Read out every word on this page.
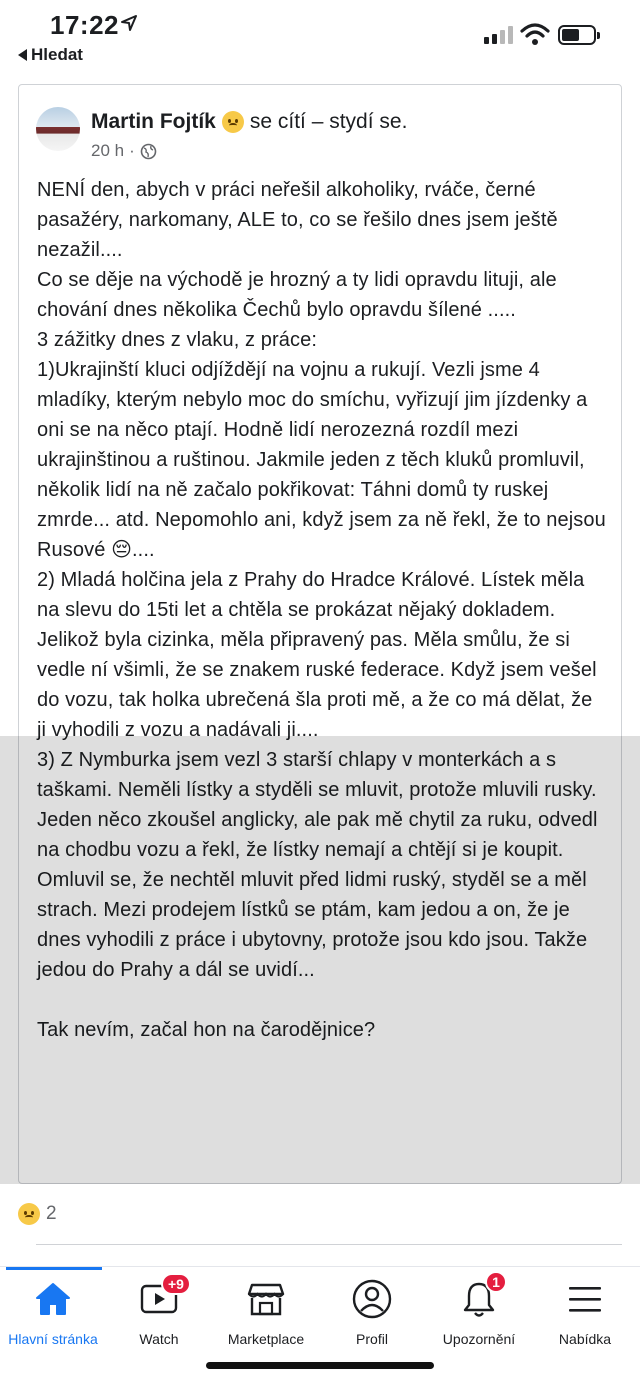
17:22
Hledat
Martin Fojtík se cítí – stydí se.
20 h ·
NENÍ den, abych v práci neřešil alkoholiky, rváče, černé pasažéry, narkomany, ALE to, co se řešilo dnes jsem ještě nezažil....
Co se děje na východě je hrozný a ty lidi opravdu lituji, ale chování dnes několika Čechů bylo opravdu šílené .....
3 zážitky dnes z vlaku, z práce:
1)Ukrajinští kluci odjíždějí na vojnu a rukují. Vezli jsme 4 mladíky, kterým nebylo moc do smíchu, vyřizují jim jízdenky a oni se na něco ptají. Hodně lidí nerozezná rozdíl mezi ukrajinštinou a ruštinou. Jakmile jeden z těch kluků promluvil, několik lidí na ně začalo pokřikovat: Táhni domů ty ruskej zmrde... atd. Nepomohlo ani, když jsem za ně řekl, že to nejsou Rusové 😔....
2) Mladá holčina jela z Prahy do Hradce Králové. Lístek měla na slevu do 15ti let a chtěla se prokázat nějaký dokladem. Jelikož byla cizinka, měla připravený pas. Měla smůlu, že si vedle ní všimli, že se znakem ruské federace. Když jsem vešel do vozu, tak holka ubrečená šla proti mě, a že co má dělat, že ji vyhodili z vozu a nadávali ji....
3) Z Nymburka jsem vezl 3 starší chlapy v monterkách a s taškami. Neměli lístky a styděli se mluvit, protože mluvili rusky. Jeden něco zkoušel anglicky, ale pak mě chytil za ruku, odvedl na chodbu vozu a řekl, že lístky nemají a chtějí si je koupit. Omluvil se, že nechtěl mluvit před lidmi ruský, styděl se a měl strach. Mezi prodejem lístků se ptám, kam jedou a on, že je dnes vyhodili z práce i ubytovny, protože jsou kdo jsou. Takže jedou do Prahy a dál se uvidí...

Tak nevím, začal hon na čarodějnice?
2
Hlavní stránka
+9
Watch	Marketplace	Profil
1
Upozornění	Nabídka
